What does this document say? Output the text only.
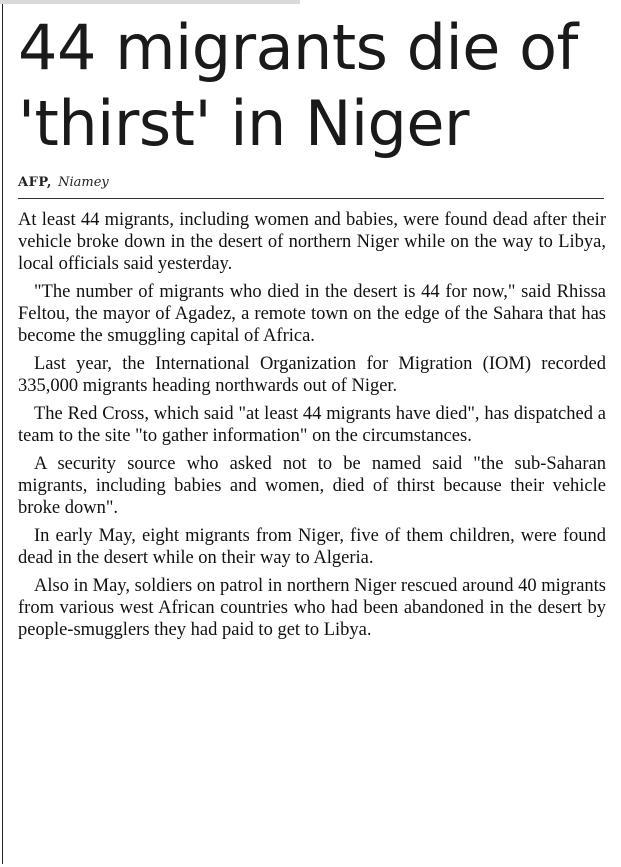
44 migrants die of
'thirst' in Niger
AFP, Niamey

At least 44 migrants, including women and babies, were found dead after their vehicle broke down in the desert of northern Niger while on the way to Libya, local officials said yesterday.

"The number of migrants who died in the desert is 44 for now," said Rhissa Feltou, the mayor of Agadez, a remote town on the edge of the Sahara that has become the smuggling capital of Africa.

Last year, the International Organization for Migration (IOM) recorded 335,000 migrants heading northwards out of Niger.

The Red Cross, which said "at least 44 migrants have died", has dispatched a team to the site "to gather information" on the circumstances.

A security source who asked not to be named said "the sub-Saharan migrants, including babies and women, died of thirst because their vehicle broke down".

In early May, eight migrants from Niger, five of them children, were found dead in the desert while on their way to Algeria.

Also in May, soldiers on patrol in northern Niger rescued around 40 migrants from various west African countries who had been abandoned in the desert by people-smugglers they had paid to get to Libya.
